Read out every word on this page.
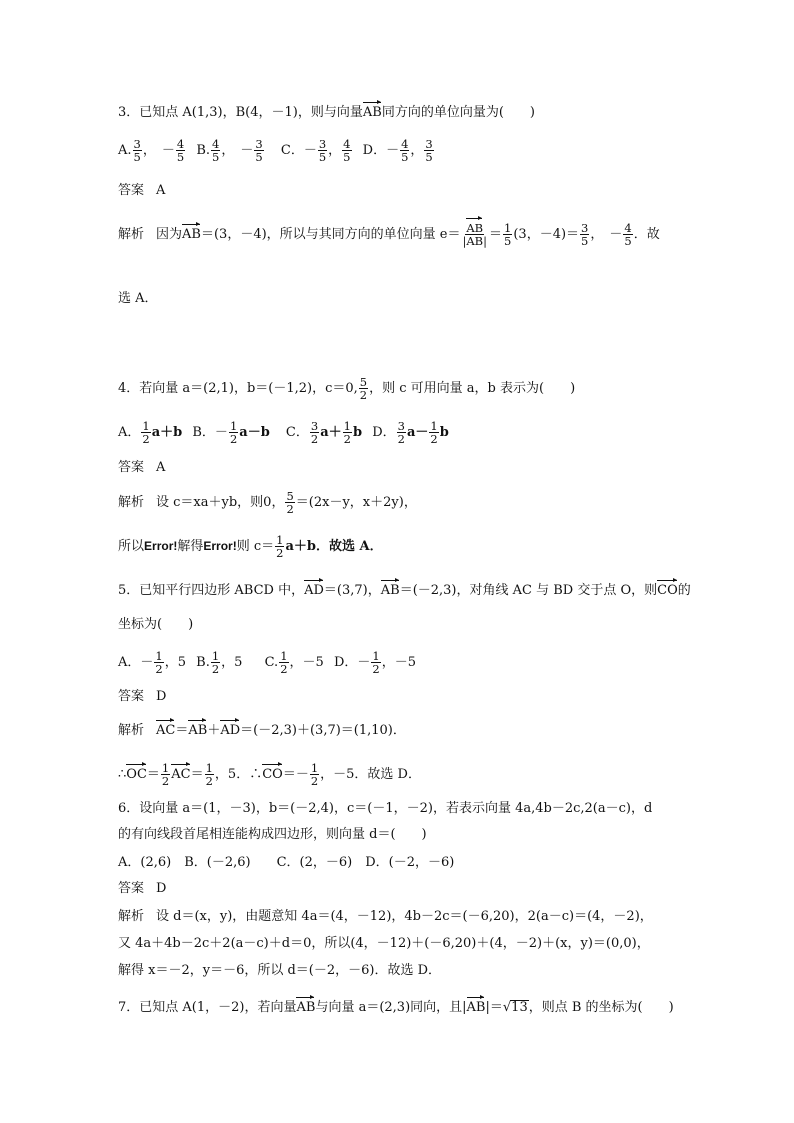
3．已知点 A(1,3)，B(4，－1)，则与向量AB同方向的单位向量为(　　)
A. $\frac{3}{5}$ ， － $\frac{4}{5} B$. $\frac{4}{5}$ ， － $\frac{3}{5}$ C．－ $\frac{3}{5}$ ， $\frac{4}{5}$ D．－ $\frac{4}{5}$ ， $\frac{3}{5}$
答案 A
解析 因为AB＝(3，－4)，所以与其同方向的单位向量 $e= \frac{AB}{|AB|} = \frac{1}{5} (3$，$-4)= \frac{3}{5}$ ， － $\frac{4}{5}$ ．故
选 A．
4．若向量 a＝(2,1)，b＝(－1,2)，c＝0, $\frac{5}{2}$ ，则 c 可用向量 a，b 表示为(　　)
A． $\frac{1}{2} a+b$ B．－ $\frac{1}{2} a-b$ C． $\frac{3}{2} a+ \frac{1}{2}$ b D． $\frac{3}{2} a- \frac{1}{2}$ b
答案 A
解析 设 c＝xa＋yb，则0， $\frac{5}{2} =(2x-y$，x＋2y)，
所以Error!解得Error!则 $c= \frac{1}{2} a+b$．故选 A．
5．已知平行四边形 ABCD 中，AD＝(3,7)，AB＝(－2,3)，对角线 AC 与 BD 交于点 O，则CO的
坐标为(　　)
A．－ $\frac{1}{2}$ ，5 B. $\frac{1}{2}$ ，5 C. $\frac{1}{2}$ ，－5 D．－ $\frac{1}{2}$ ，－5
答案 D
解析 AC＝AB＋AD＝(－2,3)＋(3,7)＝(1,10)．
∴OC＝ $\frac{1}{2} AC= \frac{1}{2}$ ，5．∴CO＝－ $\frac{1}{2}$ ，－5．故选 D．
6．设向量 a＝(1，－3)，b＝(－2,4)，c＝(－1，－2)，若表示向量 4a,4b－2c,2(a－c)，d
的有向线段首尾相连能构成四边形，则向量 d＝(　　)
A．(2,6)　B．(－2,6)　　C．(2，－6)　D．(－2，－6)
答案 D
解析 设 d＝(x，y)，由题意知 4a＝(4，－12)，4b－2c＝(－6,20)，2(a－c)＝(4，－2)，
又 4a＋4b－2c＋2(a－c)＋d＝0，所以(4，－12)＋(－6,20)＋(4，－2)＋(x，y)＝(0,0)，
解得 x＝－2，y＝－6，所以 d＝(－2，－6)．故选 D．
7．已知点 A(1，－2)，若向量AB与向量 a＝(2,3)同向，且|AB|＝√13，则点 B 的坐标为(　　)
